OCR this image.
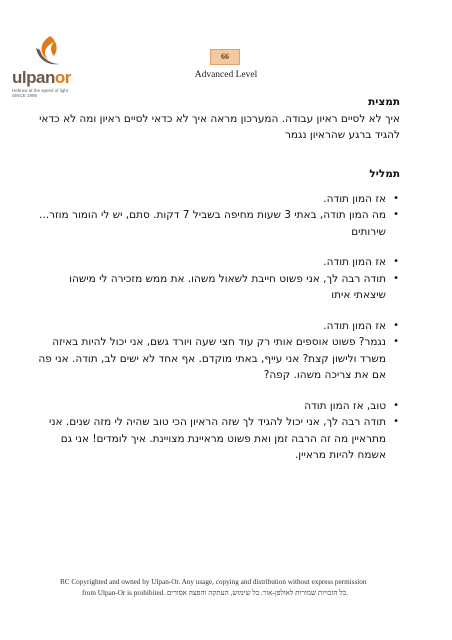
ulpanor
Hebrew at the speed of light
SINCE 1995
66
Advanced Level

תמצית

איך לא לסיים ראיון עבודה. המערכון מראה איך לא כדאי לסיים ראיון ומה לא כדאי להגיד ברגע שהראיון נגמר

תמליל

• אז המון תודה.
• מה המון תודה, באתי 3 שעות מחיפה בשביל 7 דקות. סתם, יש לי הומור מוזר... שירותים
• אז המון תודה.
• תודה רבה לך, אני פשוט חייבת לשאול משהו. את ממש מזכירה לי מישהו שיצאתי איתו
• אז המון תודה.
• נגמר? פשוט אוספים אותי רק עוד חצי שעה ויורד גשם, אני יכול להיות באיזה משרד ולישון קצת? אני עייף, באתי מוקדם. אף אחד לא ישים לב, תודה. אני פה אם את צריכה משהו. קפה?
• טוב, אז המון תודה
• תודה רבה לך, אני יכול להגיד לך שזה הראיון הכי טוב שהיה לי מזה שנים. אני מתראיין מה זה הרבה זמן ואת פשוט מראיינת מצויינת. איך לומדים! אני גם אשמח להיות מראיין.
RC Copyrighted and owned by Ulpan-Or. Any usage, copying and distribution without express permission
from Ulpan-Or is prohibited. כל הזכויות שמורות לאולפן-אור. כל שימוש, העתקה והפצה אסורים.
